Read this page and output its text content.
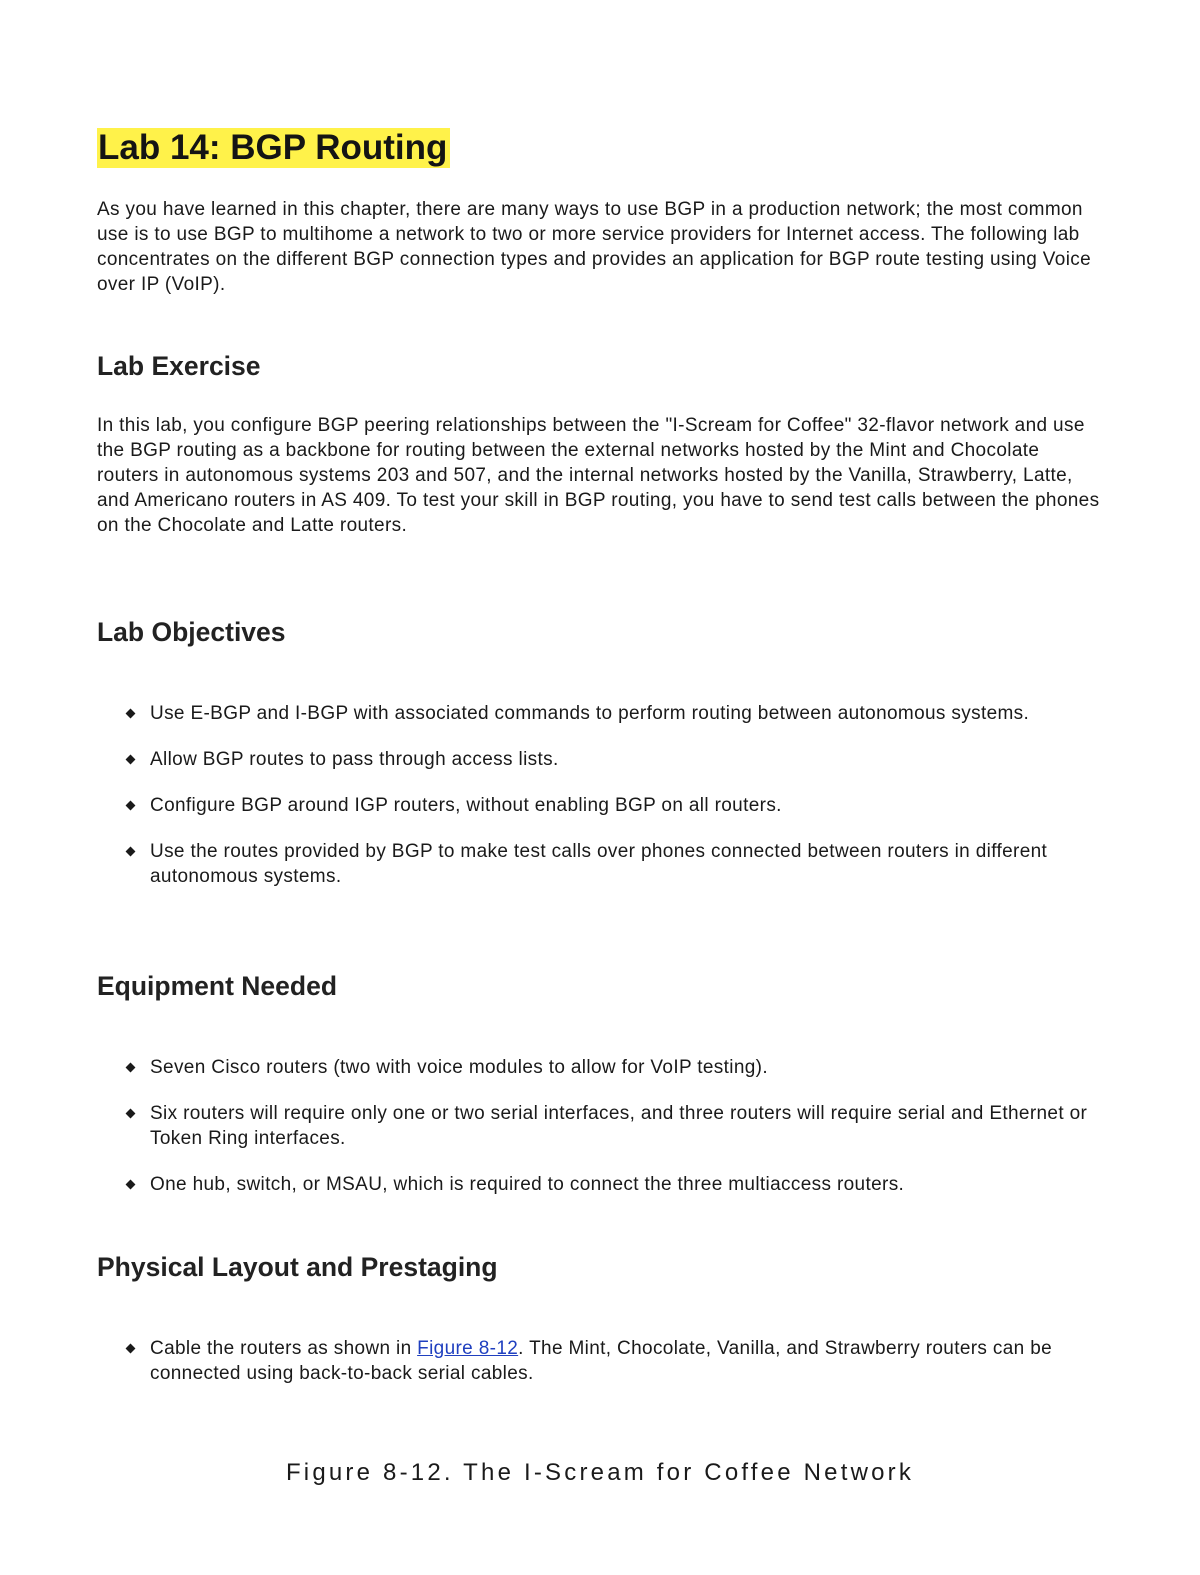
Lab 14: BGP Routing

As you have learned in this chapter, there are many ways to use BGP in a production network; the most common use is to use BGP to multihome a network to two or more service providers for Internet access. The following lab concentrates on the different BGP connection types and provides an application for BGP route testing using Voice over IP (VoIP).

Lab Exercise

In this lab, you configure BGP peering relationships between the "I-Scream for Coffee" 32-flavor network and use the BGP routing as a backbone for routing between the external networks hosted by the Mint and Chocolate routers in autonomous systems 203 and 507, and the internal networks hosted by the Vanilla, Strawberry, Latte, and Americano routers in AS 409. To test your skill in BGP routing, you have to send test calls between the phones on the Chocolate and Latte routers.

Lab Objectives
Use E-BGP and I-BGP with associated commands to perform routing between autonomous systems.
Allow BGP routes to pass through access lists.
Configure BGP around IGP routers, without enabling BGP on all routers.
Use the routes provided by BGP to make test calls over phones connected between routers in different autonomous systems.
Equipment Needed
Seven Cisco routers (two with voice modules to allow for VoIP testing).
Six routers will require only one or two serial interfaces, and three routers will require serial and Ethernet or Token Ring interfaces.
One hub, switch, or MSAU, which is required to connect the three multiaccess routers.
Physical Layout and Prestaging
Cable the routers as shown in Figure 8-12. The Mint, Chocolate, Vanilla, and Strawberry routers can be connected using back-to-back serial cables.

Figure 8-12. The I-Scream for Coffee Network
